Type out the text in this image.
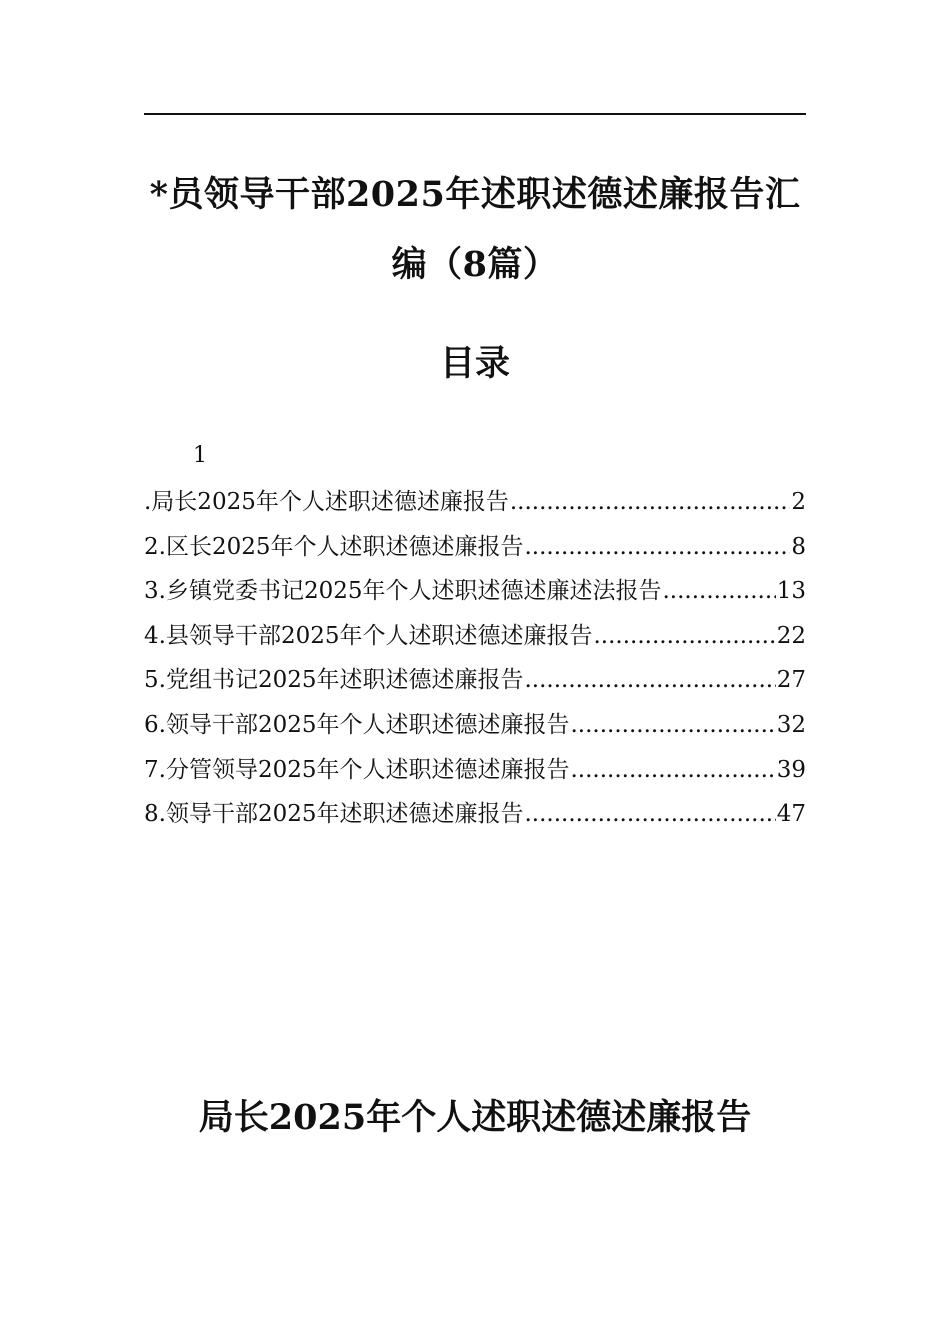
*员领导干部2025年述职述德述廉报告汇编（8篇）
目录
1
.局长2025年个人述职述德述廉报告 .....	2
2.区长2025年个人述职述德述廉报告 .....	8
3.乡镇党委书记2025年个人述职述德述廉述法报告 .....	13
4.县领导干部2025年个人述职述德述廉报告 .....	22
5.党组书记2025年述职述德述廉报告 .....	27
6.领导干部2025年个人述职述德述廉报告 .....	32
7.分管领导2025年个人述职述德述廉报告 .....	39
8.领导干部2025年述职述德述廉报告 .....	47
局长2025年个人述职述德述廉报告
